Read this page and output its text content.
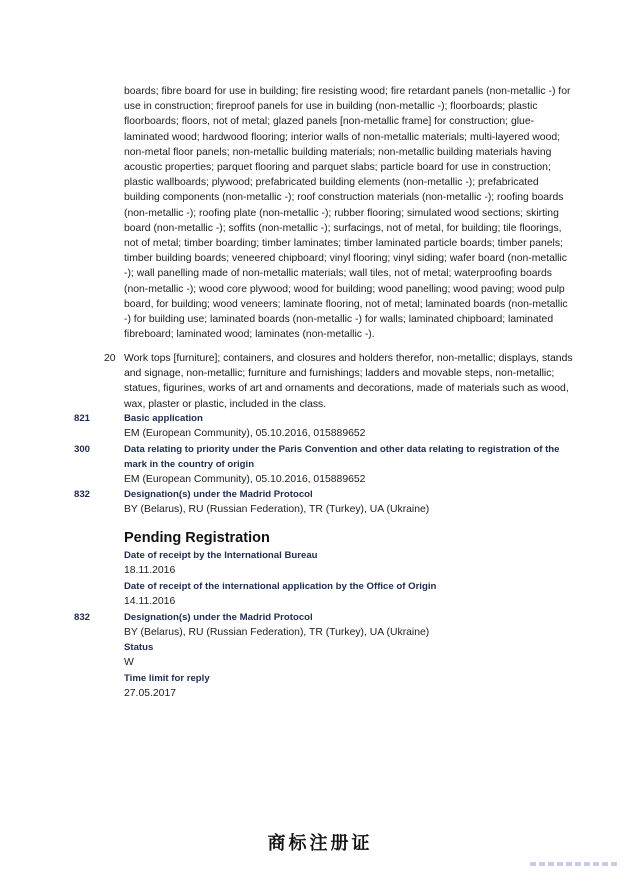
boards; fibre board for use in building; fire resisting wood; fire retardant panels (non-metallic -) for use in construction; fireproof panels for use in building (non-metallic -); floorboards; plastic floorboards; floors, not of metal; glazed panels [non-metallic frame] for construction; glue-laminated wood; hardwood flooring; interior walls of non-metallic materials; multi-layered wood; non-metal floor panels; non-metallic building materials; non-metallic building materials having acoustic properties; parquet flooring and parquet slabs; particle board for use in construction; plastic wallboards; plywood; prefabricated building elements (non-metallic -); prefabricated building components (non-metallic -); roof construction materials (non-metallic -); roofing boards (non-metallic -); roofing plate (non-metallic -); rubber flooring; simulated wood sections; skirting board (non-metallic -); soffits (non-metallic -); surfacings, not of metal, for building; tile floorings, not of metal; timber boarding; timber laminates; timber laminated particle boards; timber panels; timber building boards; veneered chipboard; vinyl flooring; vinyl siding; wafer board (non-metallic -); wall panelling made of non-metallic materials; wall tiles, not of metal; waterproofing boards (non-metallic -); wood core plywood; wood for building; wood panelling; wood paving; wood pulp board, for building; wood veneers; laminate flooring, not of metal; laminated boards (non-metallic -) for building use; laminated boards (non-metallic -) for walls; laminated chipboard; laminated fibreboard; laminated wood; laminates (non-metallic -).
20 Work tops [furniture]; containers, and closures and holders therefor, non-metallic; displays, stands and signage, non-metallic; furniture and furnishings; ladders and movable steps, non-metallic; statues, figurines, works of art and ornaments and decorations, made of materials such as wood, wax, plaster or plastic, included in the class.
821	Basic application
EM (European Community), 05.10.2016, 015889652
300	Data relating to priority under the Paris Convention and other data relating to registration of the mark in the country of origin
EM (European Community), 05.10.2016, 015889652
832	Designation(s) under the Madrid Protocol
BY (Belarus), RU (Russian Federation), TR (Turkey), UA (Ukraine)
Pending Registration
Date of receipt by the International Bureau
18.11.2016
Date of receipt of the international application by the Office of Origin
14.11.2016
832	Designation(s) under the Madrid Protocol
BY (Belarus), RU (Russian Federation), TR (Turkey), UA (Ukraine)
Status
W
Time limit for reply
27.05.2017
商标注册证
